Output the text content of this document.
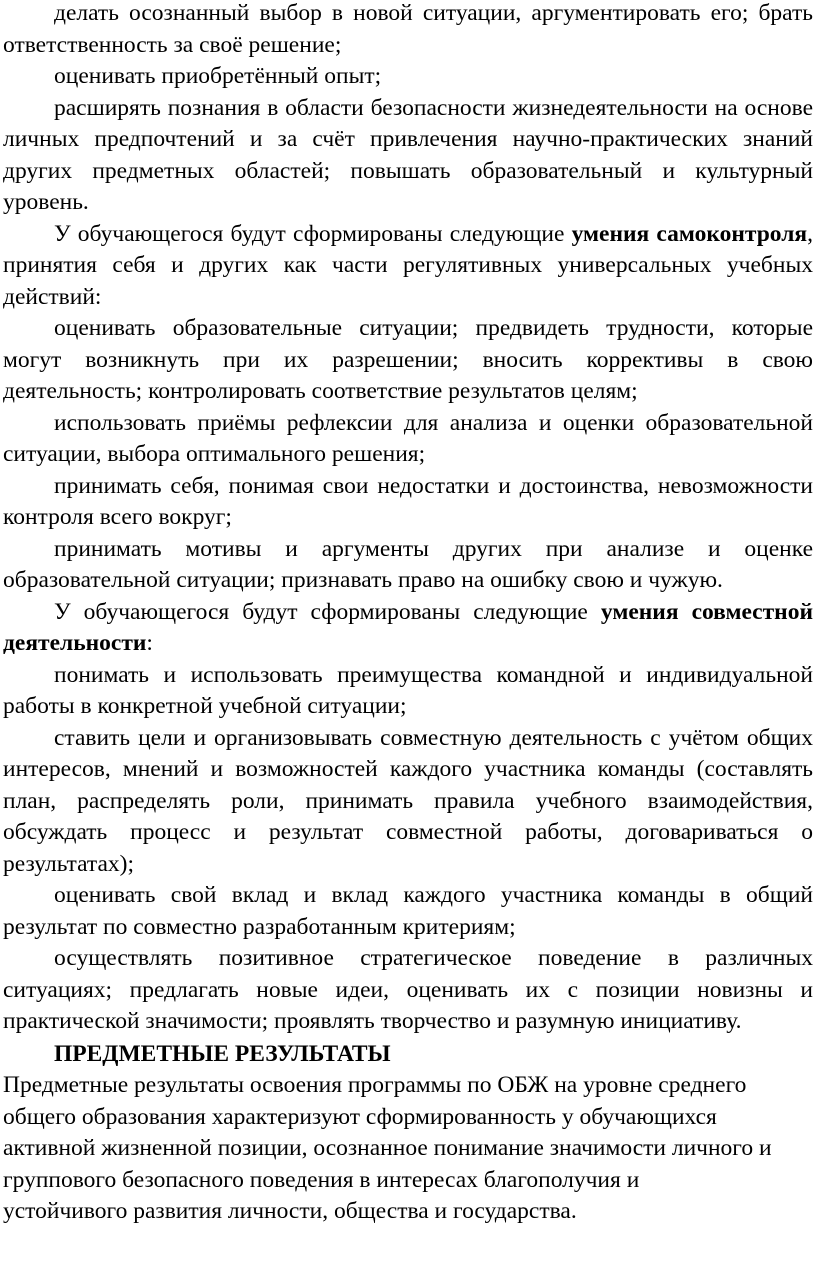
делать осознанный выбор в новой ситуации, аргументировать его; брать ответственность за своё решение;

оценивать приобретённый опыт;

расширять познания в области безопасности жизнедеятельности на основе личных предпочтений и за счёт привлечения научно-практических знаний других предметных областей; повышать образовательный и культурный уровень.

У обучающегося будут сформированы следующие умения самоконтроля, принятия себя и других как части регулятивных универсальных учебных действий:

оценивать образовательные ситуации; предвидеть трудности, которые могут возникнуть при их разрешении; вносить коррективы в свою деятельность; контролировать соответствие результатов целям;

использовать приёмы рефлексии для анализа и оценки образовательной ситуации, выбора оптимального решения;

принимать себя, понимая свои недостатки и достоинства, невозможности контроля всего вокруг;

принимать мотивы и аргументы других при анализе и оценке образовательной ситуации; признавать право на ошибку свою и чужую.

У обучающегося будут сформированы следующие умения совместной деятельности:

понимать и использовать преимущества командной и индивидуальной работы в конкретной учебной ситуации;

ставить цели и организовывать совместную деятельность с учётом общих интересов, мнений и возможностей каждого участника команды (составлять план, распределять роли, принимать правила учебного взаимодействия, обсуждать процесс и результат совместной работы, договариваться о результатах);

оценивать свой вклад и вклад каждого участника команды в общий результат по совместно разработанным критериям;

осуществлять позитивное стратегическое поведение в различных ситуациях; предлагать новые идеи, оценивать их с позиции новизны и практической значимости; проявлять творчество и разумную инициативу.

ПРЕДМЕТНЫЕ РЕЗУЛЬТАТЫ

Предметные результаты освоения программы по ОБЖ на уровне среднего

общего образования характеризуют сформированность у обучающихся

активной жизненной позиции, осознанное понимание значимости личного и

группового безопасного поведения в интересах благополучия и

устойчивого развития личности, общества и государства.
